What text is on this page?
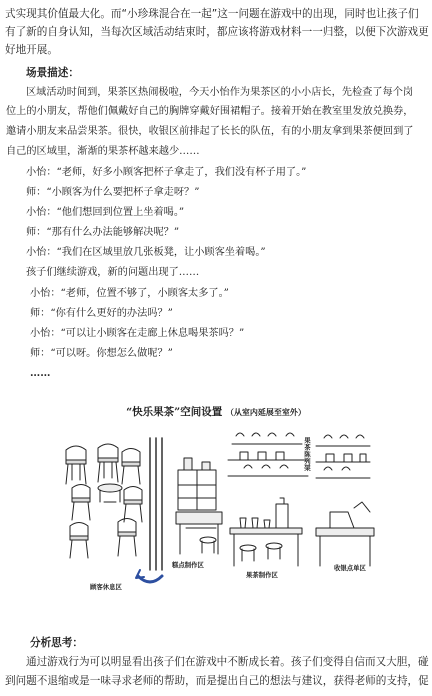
式实现其价值最大化。而“小珍珠混合在一起”这一问题在游戏中的出现，同时也让孩子们
有了新的自身认知，当每次区域活动结束时，都应该将游戏材料一一归整，以便下次游戏更
好地开展。
场景描述：
区域活动时间到，果茶区热闹极啦，今天小怡作为果茶区的小小店长，先检查了每个岗
位上的小朋友，帮他们佩戴好自己的胸牌穿戴好围裙帽子。接着开始在教室里发放兑换券，
邀请小朋友来品尝果茶。很快，收银区前排起了长长的队伍，有的小朋友拿到果茶便回到了
自己的区域里，渐渐的果茶杯越来越少……
小怡：“老师，好多小顾客把杯子拿走了，我们没有杯子用了。”
师：“小顾客为什么要把杯子拿走呀？”
小怡：“他们想回到位置上坐着喝。”
师：“那有什么办法能够解决呢？”
小怡：“我们在区域里放几张板凳，让小顾客坐着喝。”
孩子们继续游戏，新的问题出现了……
小怡：“老师，位置不够了，小顾客太多了。”
师：“你有什么更好的办法吗？”
小怡：“可以让小顾客在走廊上休息喝果茶吗？”
师：“可以呀。你想怎么做呢？”
……
“快乐果茶”空间设置 （从室内延展至室外）
顾客休息区
糕点制作区
果茶制作区
收银点单区
果茶陈列架
分析思考：
通过游戏行为可以明显看出孩子们在游戏中不断成长着。孩子们变得自信而又大胆，碰
到问题不退缩或是一味寻求老师的帮助，而是提出自己的想法与建议，获得老师的支持，促
